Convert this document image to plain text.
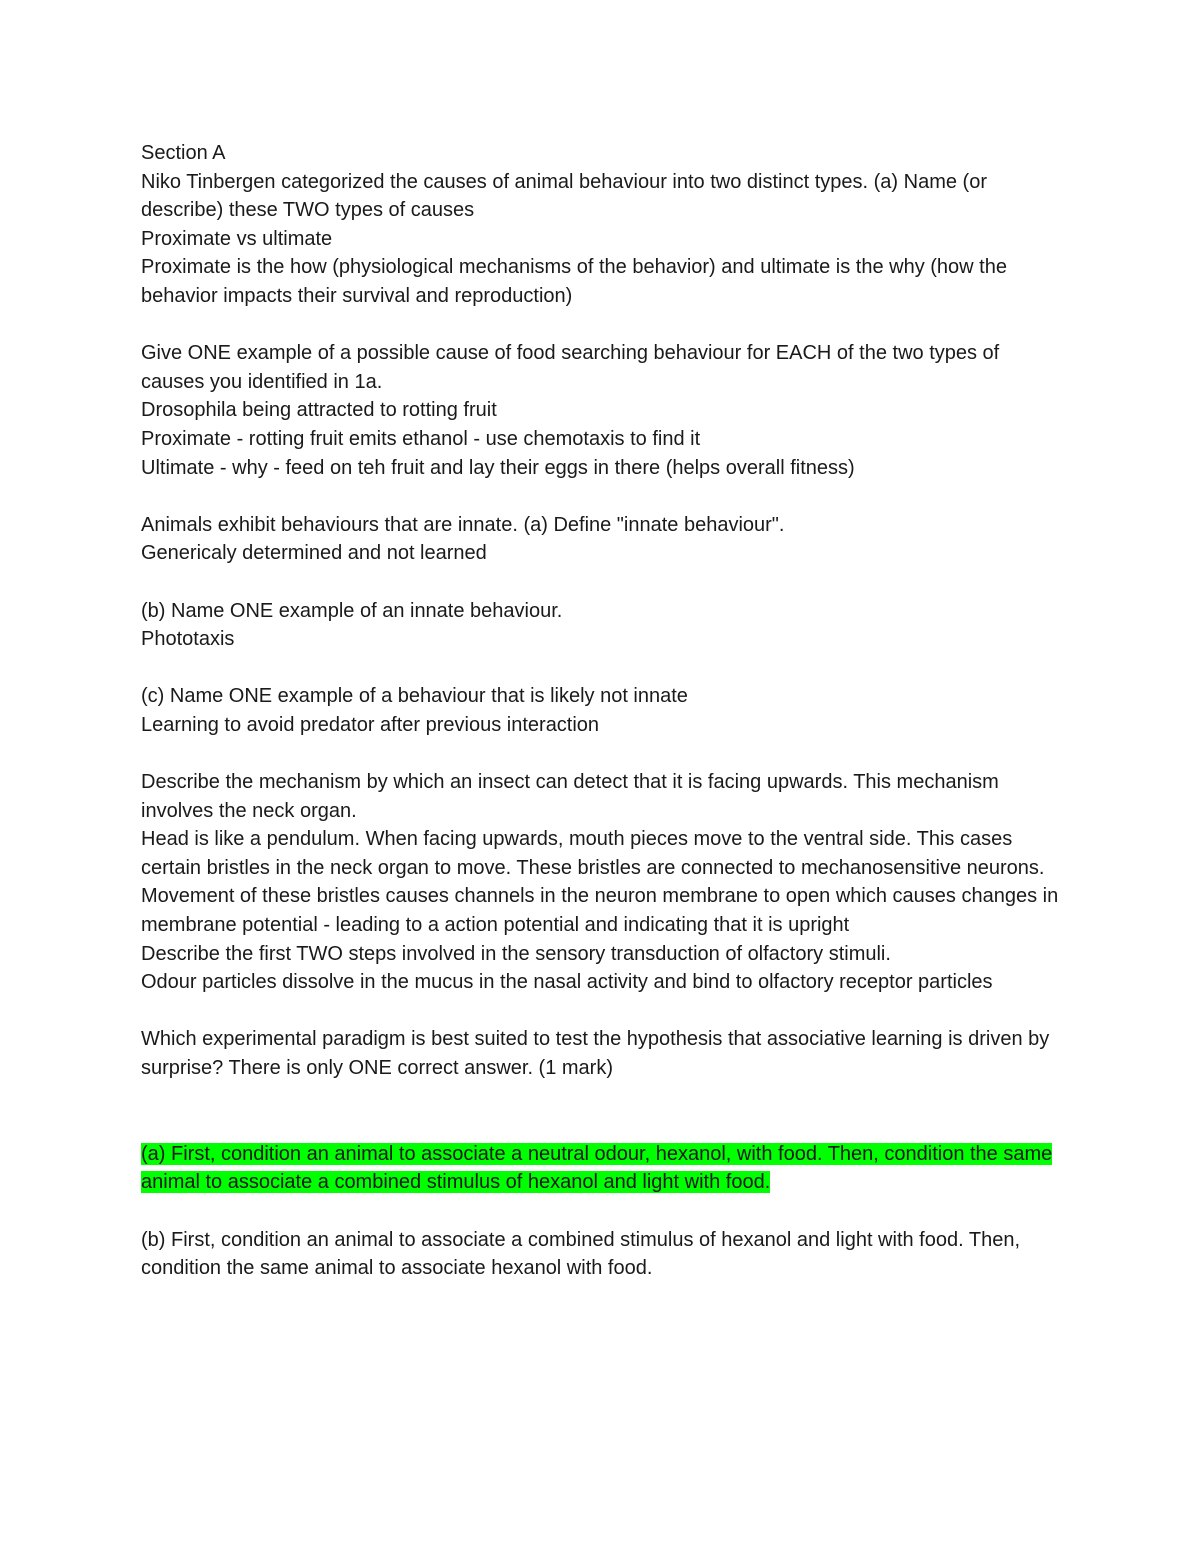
Section A
Niko Tinbergen categorized the causes of animal behaviour into two distinct types. (a) Name (or describe) these TWO types of causes
Proximate vs ultimate
Proximate is the how (physiological mechanisms of the behavior) and ultimate is the why (how the behavior impacts their survival and reproduction)
Give ONE example of a possible cause of food searching behaviour for EACH of the two types of causes you identified in 1a.
Drosophila being attracted to rotting fruit
Proximate - rotting fruit emits ethanol - use chemotaxis to find it
Ultimate - why - feed on teh fruit and lay their eggs in there (helps overall fitness)
Animals exhibit behaviours that are innate. (a) Define "innate behaviour".
Genericaly determined and not learned
(b) Name ONE example of an innate behaviour.
Phototaxis
(c) Name ONE example of a behaviour that is likely not innate
Learning to avoid predator after previous interaction
Describe the mechanism by which an insect can detect that it is facing upwards. This mechanism involves the neck organ.
Head is like a pendulum. When facing upwards, mouth pieces move to the ventral side. This cases certain bristles in the neck organ to move. These bristles are connected to mechanosensitive neurons. Movement of these bristles causes channels in the neuron membrane to open which causes changes in membrane potential - leading to a action potential and indicating that it is upright
Describe the first TWO steps involved in the sensory transduction of olfactory stimuli.
Odour particles dissolve in the mucus in the nasal activity and bind to olfactory receptor particles
Which experimental paradigm is best suited to test the hypothesis that associative learning is driven by surprise? There is only ONE correct answer. (1 mark)
(a) First, condition an animal to associate a neutral odour, hexanol, with food. Then, condition the same animal to associate a combined stimulus of hexanol and light with food.
(b) First, condition an animal to associate a combined stimulus of hexanol and light with food. Then, condition the same animal to associate hexanol with food.
